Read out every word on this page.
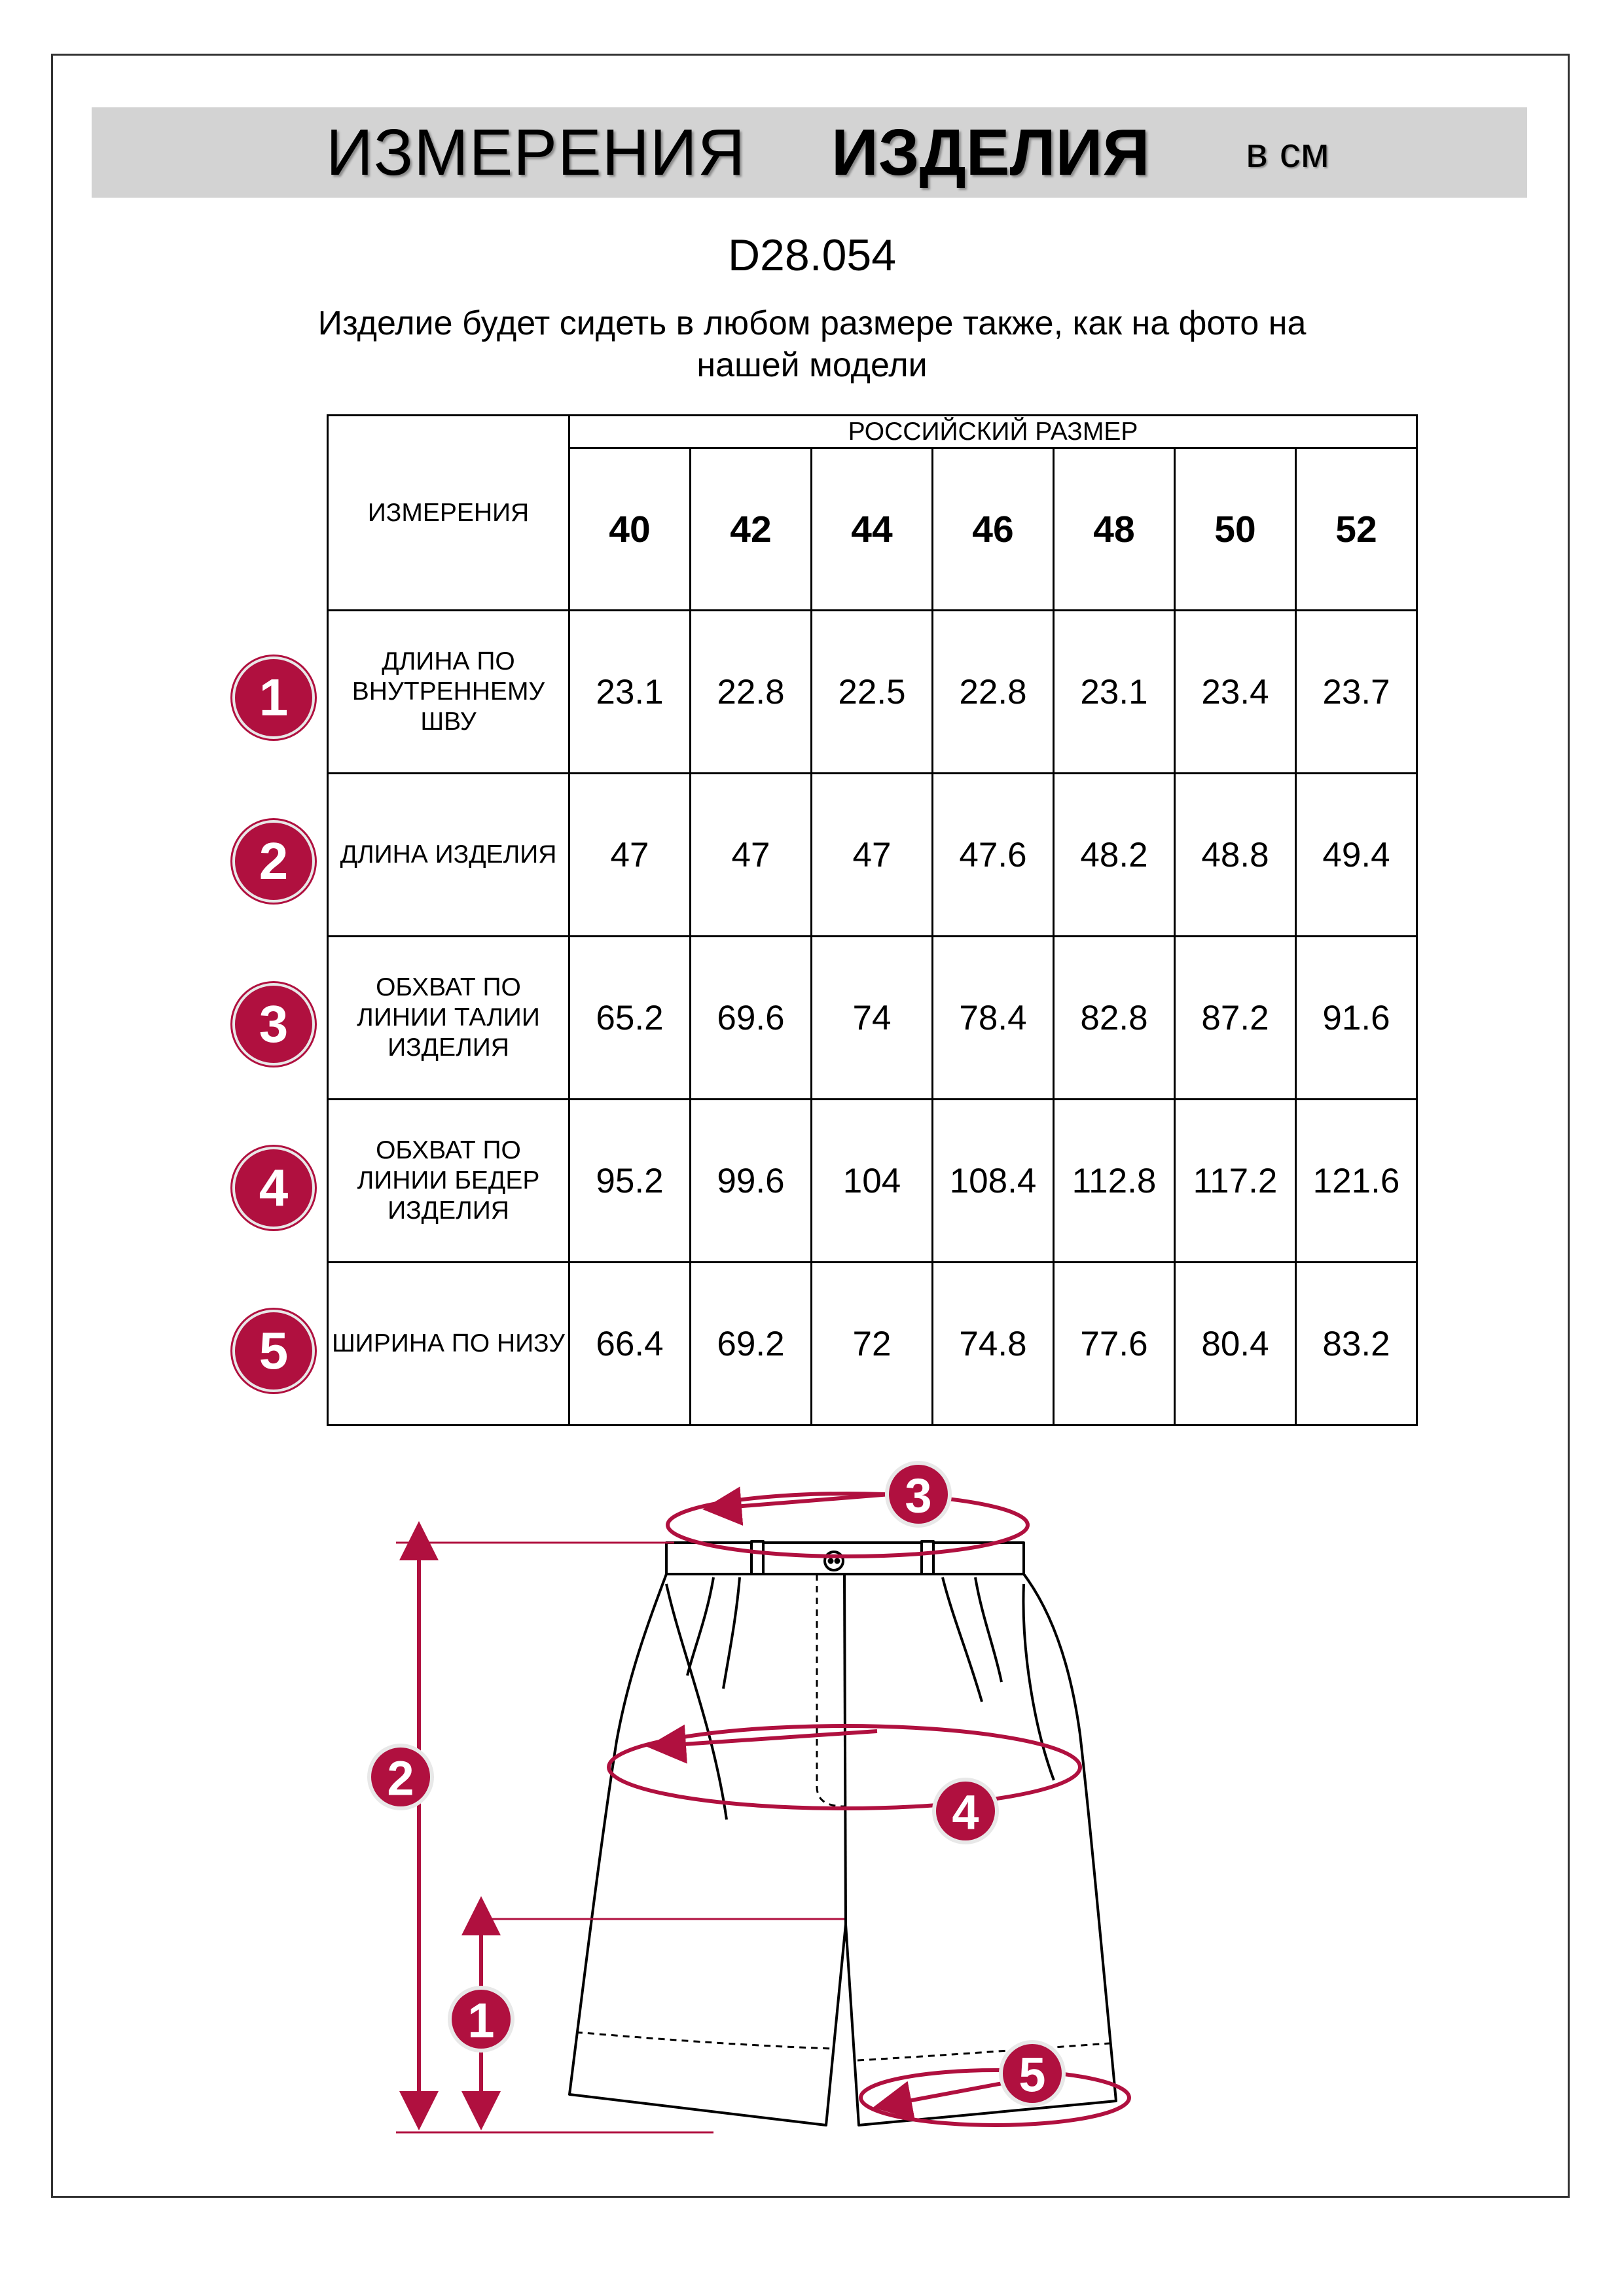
ИЗМЕРЕНИЯ ИЗДЕЛИЯ в см
D28.054
Изделие будет сидеть в любом размере также, как на фото на
нашей модели
ИЗМЕРЕНИЯ	РОССИЙСКИЙ РАЗМЕР						
	40	42	44	46	48	50	52
ДЛИНА ПО ВНУТРЕННЕМУ ШВУ	23.1	22.8	22.5	22.8	23.1	23.4	23.7
ДЛИНА ИЗДЕЛИЯ	47	47	47	47.6	48.2	48.8	49.4
ОБХВАТ ПО ЛИНИИ ТАЛИИ ИЗДЕЛИЯ	65.2	69.6	74	78.4	82.8	87.2	91.6
ОБХВАТ ПО ЛИНИИ БЕДЕР ИЗДЕЛИЯ	95.2	99.6	104	108.4	112.8	117.2	121.6
ШИРИНА ПО НИЗУ	66.4	69.2	72	74.8	77.6	80.4	83.2
1
2
3
4
5
3
2
4
1
5
